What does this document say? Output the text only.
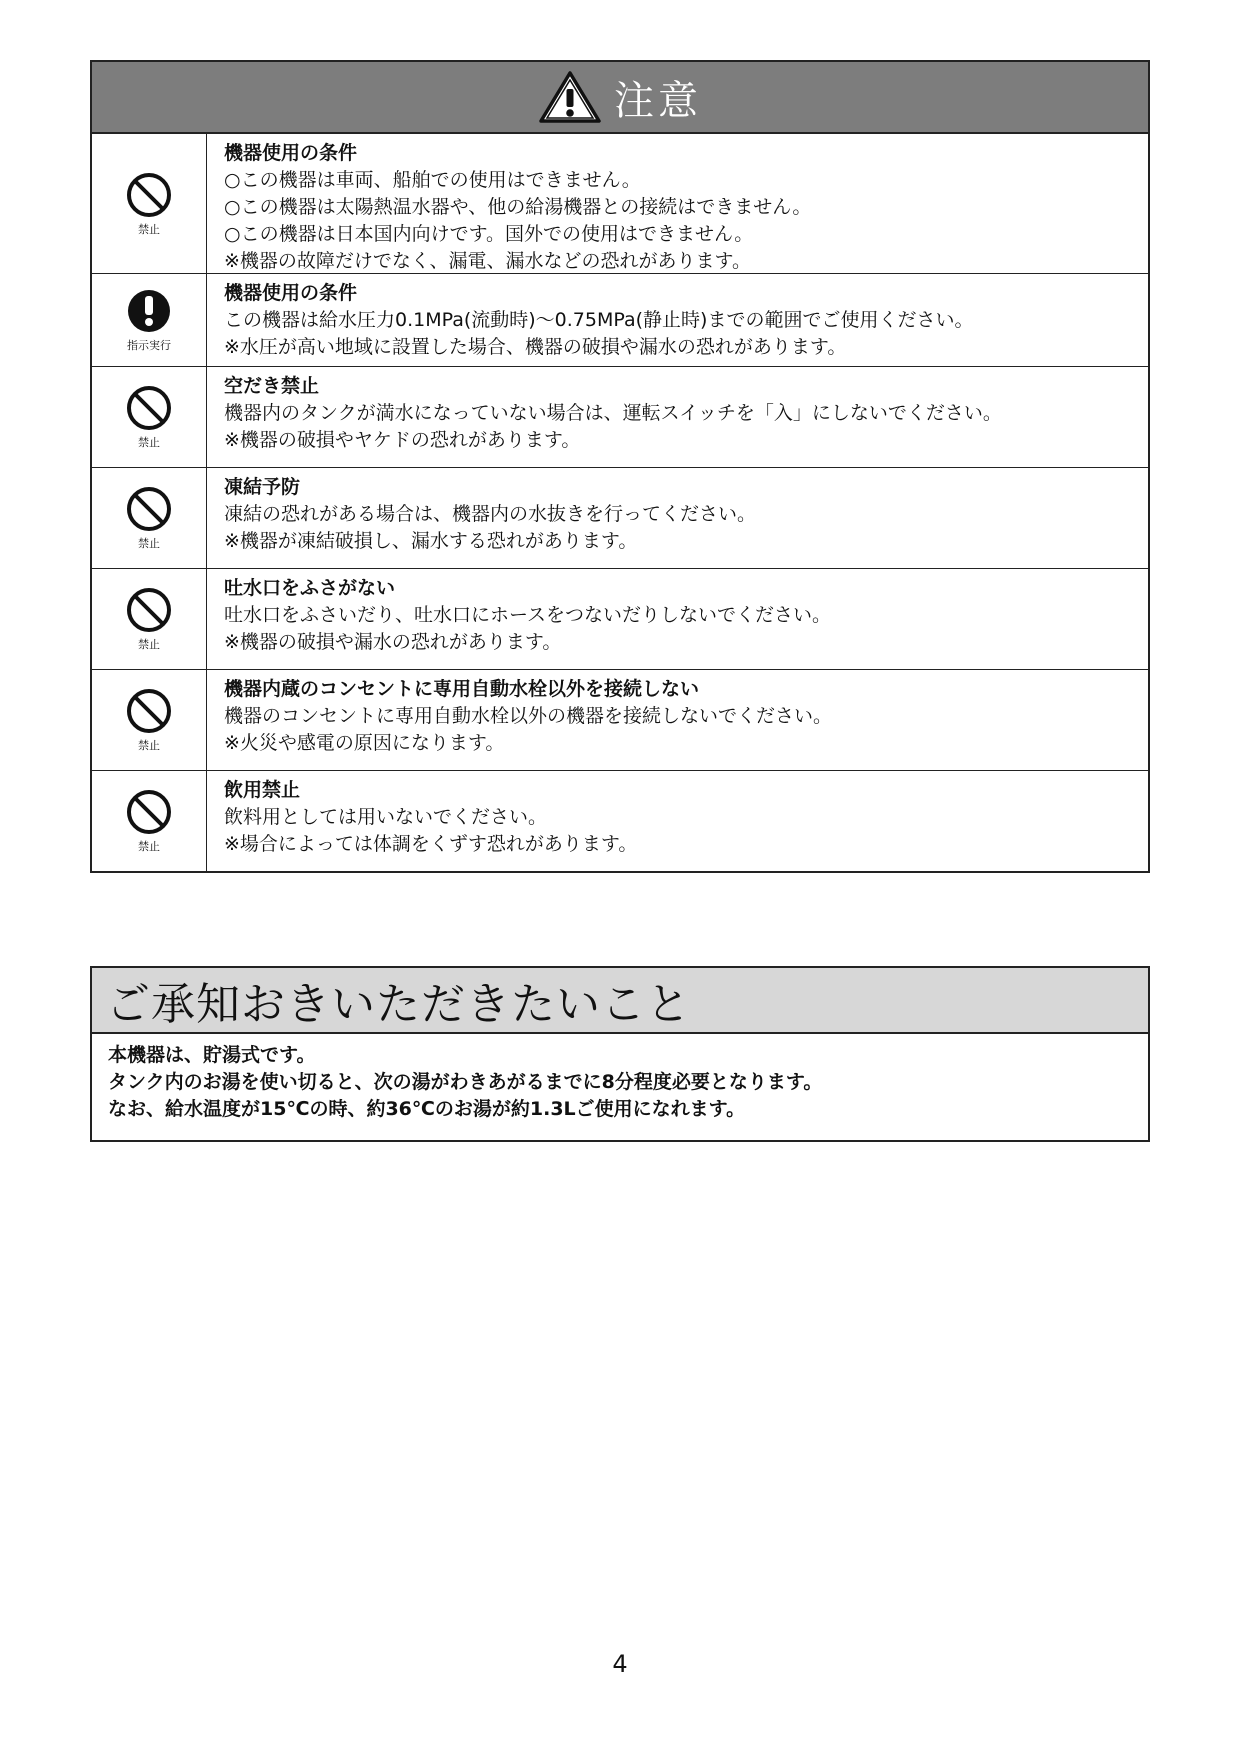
注意
禁止
機器使用の条件
○この機器は車両、船舶での使用はできません。
○この機器は太陽熱温水器や、他の給湯機器との接続はできません。
○この機器は日本国内向けです。国外での使用はできません。
※機器の故障だけでなく、漏電、漏水などの恐れがあります。
指示実行
機器使用の条件
この機器は給水圧力0.1MPa(流動時)〜0.75MPa(静止時)までの範囲でご使用ください。
※水圧が高い地域に設置した場合、機器の破損や漏水の恐れがあります。
禁止
空だき禁止
機器内のタンクが満水になっていない場合は、運転スイッチを「入」にしないでください。
※機器の破損やヤケドの恐れがあります。
禁止
凍結予防
凍結の恐れがある場合は、機器内の水抜きを行ってください。
※機器が凍結破損し、漏水する恐れがあります。
禁止
吐水口をふさがない
吐水口をふさいだり、吐水口にホースをつないだりしないでください。
※機器の破損や漏水の恐れがあります。
禁止
機器内蔵のコンセントに専用自動水栓以外を接続しない
機器のコンセントに専用自動水栓以外の機器を接続しないでください。
※火災や感電の原因になります。
禁止
飲用禁止
飲料用としては用いないでください。
※場合によっては体調をくずす恐れがあります。
ご承知おきいただきたいこと
本機器は、貯湯式です。
タンク内のお湯を使い切ると、次の湯がわきあがるまでに8分程度必要となります。
なお、給水温度が15℃の時、約36℃のお湯が約1.3Lご使用になれます。
4
